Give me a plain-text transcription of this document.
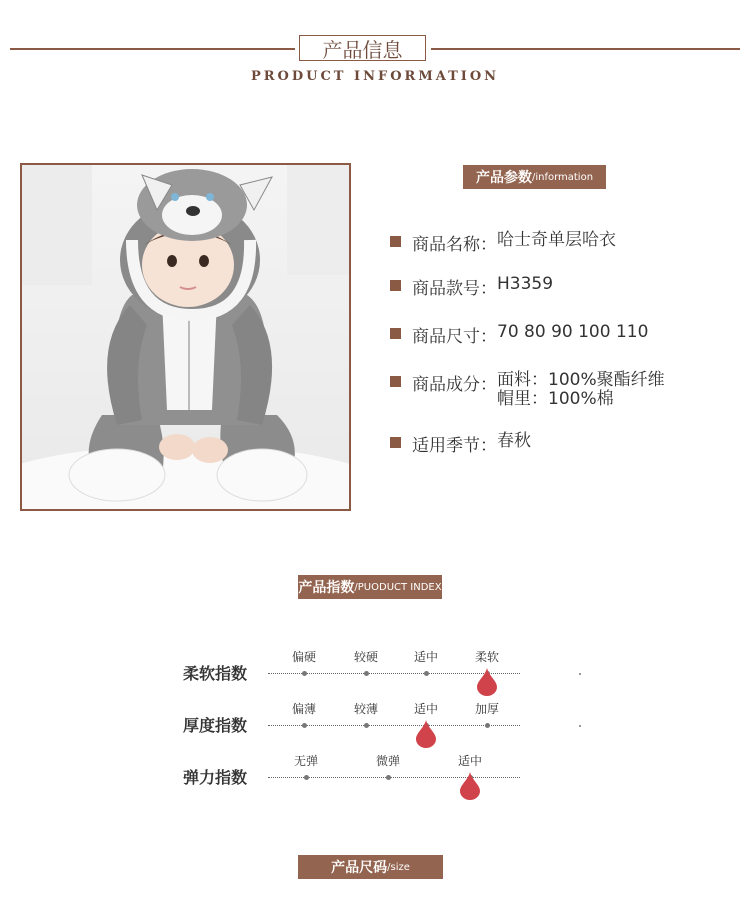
产品信息
PRODUCT INFORMATION
产品参数 /information
商品名称： 哈士奇单层哈衣
商品款号： H3359
商品尺寸： 70 80 90 100 110
商品成分： 面料：100%聚酯纤维
帽里：100%棉
适用季节： 春秋
产品指数 /PUODUCT INDEX
柔软指数
偏硬	较硬	适中	柔软
厚度指数
偏薄	较薄	适中	加厚
弹力指数
无弹	微弹	适中
产品尺码 /size
